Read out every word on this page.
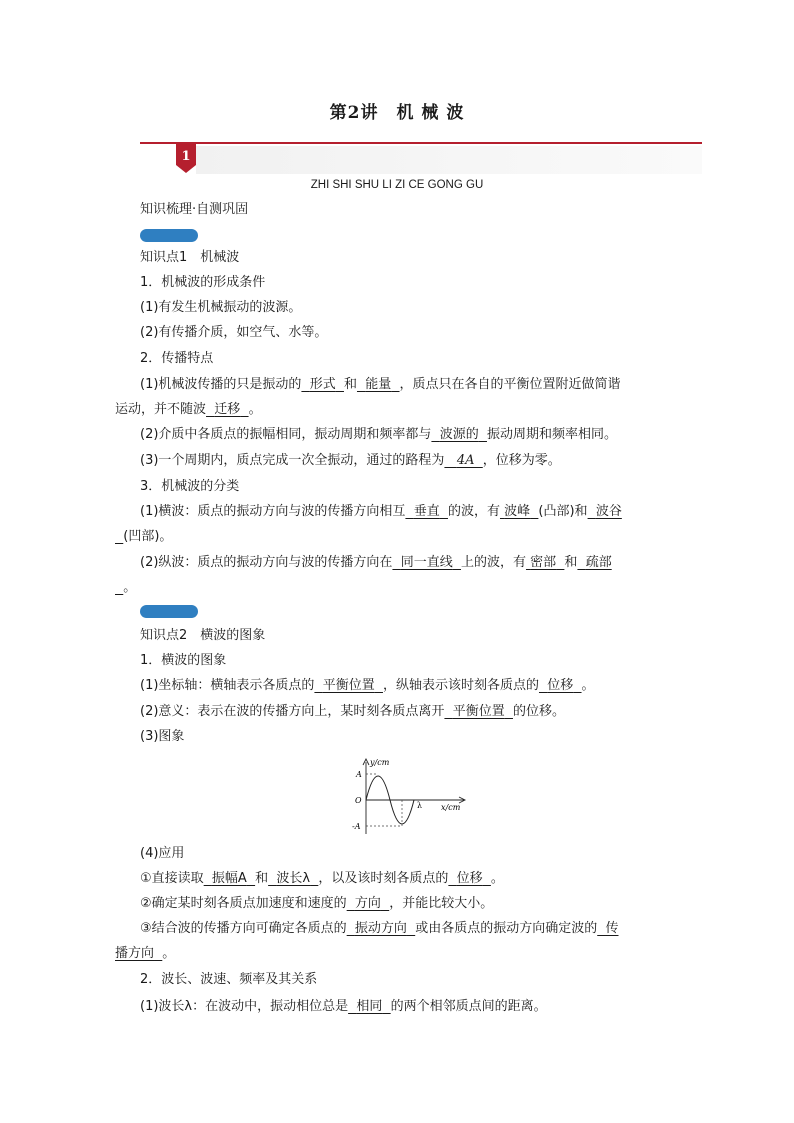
第2讲　机 械 波
1
ZHI SHI SHU LI ZI CE GONG GU
知识梳理·自测巩固
知识点1　机械波
1．机械波的形成条件
(1)有发生机械振动的波源。
(2)有传播介质，如空气、水等。
2．传播特点
(1)机械波传播的只是振动的 形式 和 能量 ，质点只在各自的平衡位置附近做简谐
运动，并不随波 迁移 。
(2)介质中各质点的振幅相同，振动周期和频率都与 波源的 振动周期和频率相同。
(3)一个周期内，质点完成一次全振动，通过的路程为 4A ，位移为零。
3．机械波的分类
(1)横波：质点的振动方向与波的传播方向相互 垂直 的波，有 波峰 (凸部)和 波谷
(凹部)。
(2)纵波：质点的振动方向与波的传播方向在 同一直线 上的波，有 密部 和 疏部
。
知识点2　横波的图象
1．横波的图象
(1)坐标轴：横轴表示各质点的 平衡位置 ，纵轴表示该时刻各质点的 位移 。
(2)意义：表示在波的传播方向上，某时刻各质点离开 平衡位置 的位移。
(3)图象
y/cm
x/cm
A
O
-A
λ
(4)应用
①直接读取 振幅A 和 波长λ ，以及该时刻各质点的 位移 。
②确定某时刻各质点加速度和速度的 方向 ，并能比较大小。
③结合波的传播方向可确定各质点的 振动方向 或由各质点的振动方向确定波的 传
播方向 。
2．波长、波速、频率及其关系
(1)波长λ：在波动中，振动相位总是 相同 的两个相邻质点间的距离。
